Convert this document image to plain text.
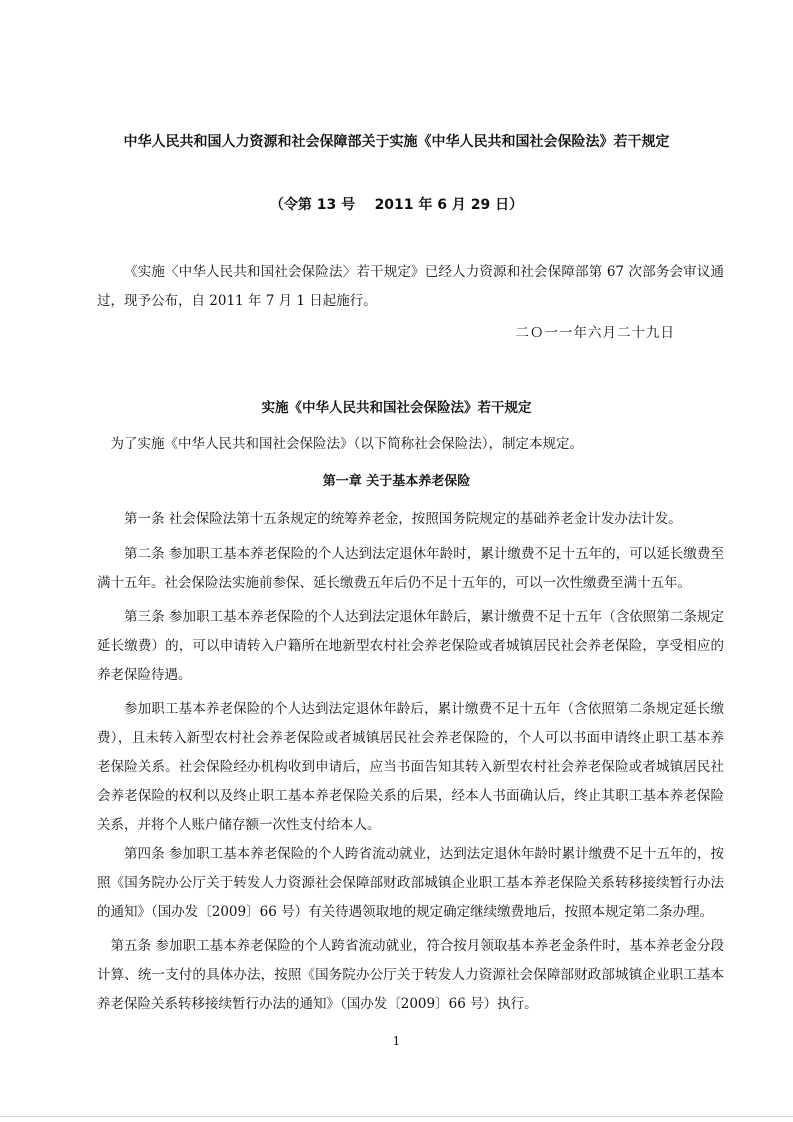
中华人民共和国人力资源和社会保障部关于实施《中华人民共和国社会保险法》若干规定
（令第 13 号    2011 年 6 月 29 日）

《实施〈中华人民共和国社会保险法〉若干规定》已经人力资源和社会保障部第 67 次部务会审议通过，现予公布，自 2011 年 7 月 1 日起施行。

二Ｏ一一年六月二十九日
实施《中华人民共和国社会保险法》若干规定

为了实施《中华人民共和国社会保险法》（以下简称社会保险法），制定本规定。

第一章 关于基本养老保险

第一条 社会保险法第十五条规定的统筹养老金，按照国务院规定的基础养老金计发办法计发。

第二条 参加职工基本养老保险的个人达到法定退休年龄时，累计缴费不足十五年的，可以延长缴费至满十五年。社会保险法实施前参保、延长缴费五年后仍不足十五年的，可以一次性缴费至满十五年。

第三条 参加职工基本养老保险的个人达到法定退休年龄后，累计缴费不足十五年（含依照第二条规定延长缴费）的，可以申请转入户籍所在地新型农村社会养老保险或者城镇居民社会养老保险，享受相应的养老保险待遇。

参加职工基本养老保险的个人达到法定退休年龄后，累计缴费不足十五年（含依照第二条规定延长缴费），且未转入新型农村社会养老保险或者城镇居民社会养老保险的，个人可以书面申请终止职工基本养老保险关系。社会保险经办机构收到申请后，应当书面告知其转入新型农村社会养老保险或者城镇居民社会养老保险的权利以及终止职工基本养老保险关系的后果，经本人书面确认后，终止其职工基本养老保险关系，并将个人账户储存额一次性支付给本人。

第四条 参加职工基本养老保险的个人跨省流动就业，达到法定退休年龄时累计缴费不足十五年的，按照《国务院办公厅关于转发人力资源社会保障部财政部城镇企业职工基本养老保险关系转移接续暂行办法的通知》（国办发〔2009〕66 号）有关待遇领取地的规定确定继续缴费地后，按照本规定第二条办理。

第五条 参加职工基本养老保险的个人跨省流动就业，符合按月领取基本养老金条件时，基本养老金分段计算、统一支付的具体办法，按照《国务院办公厅关于转发人力资源社会保障部财政部城镇企业职工基本养老保险关系转移接续暂行办法的通知》（国办发〔2009〕66 号）执行。

1
